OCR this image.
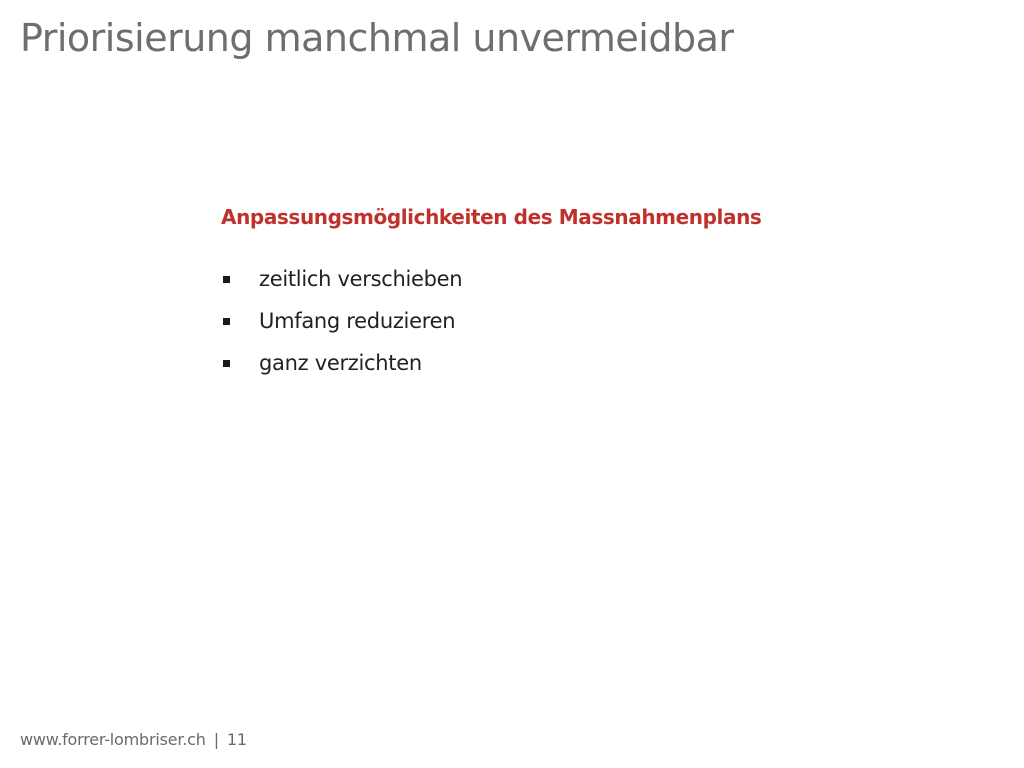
Priorisierung manchmal unvermeidbar
Anpassungsmöglichkeiten des Massnahmenplans
zeitlich verschieben
Umfang reduzieren
ganz verzichten
www.forrer-lombriser.ch | 11
